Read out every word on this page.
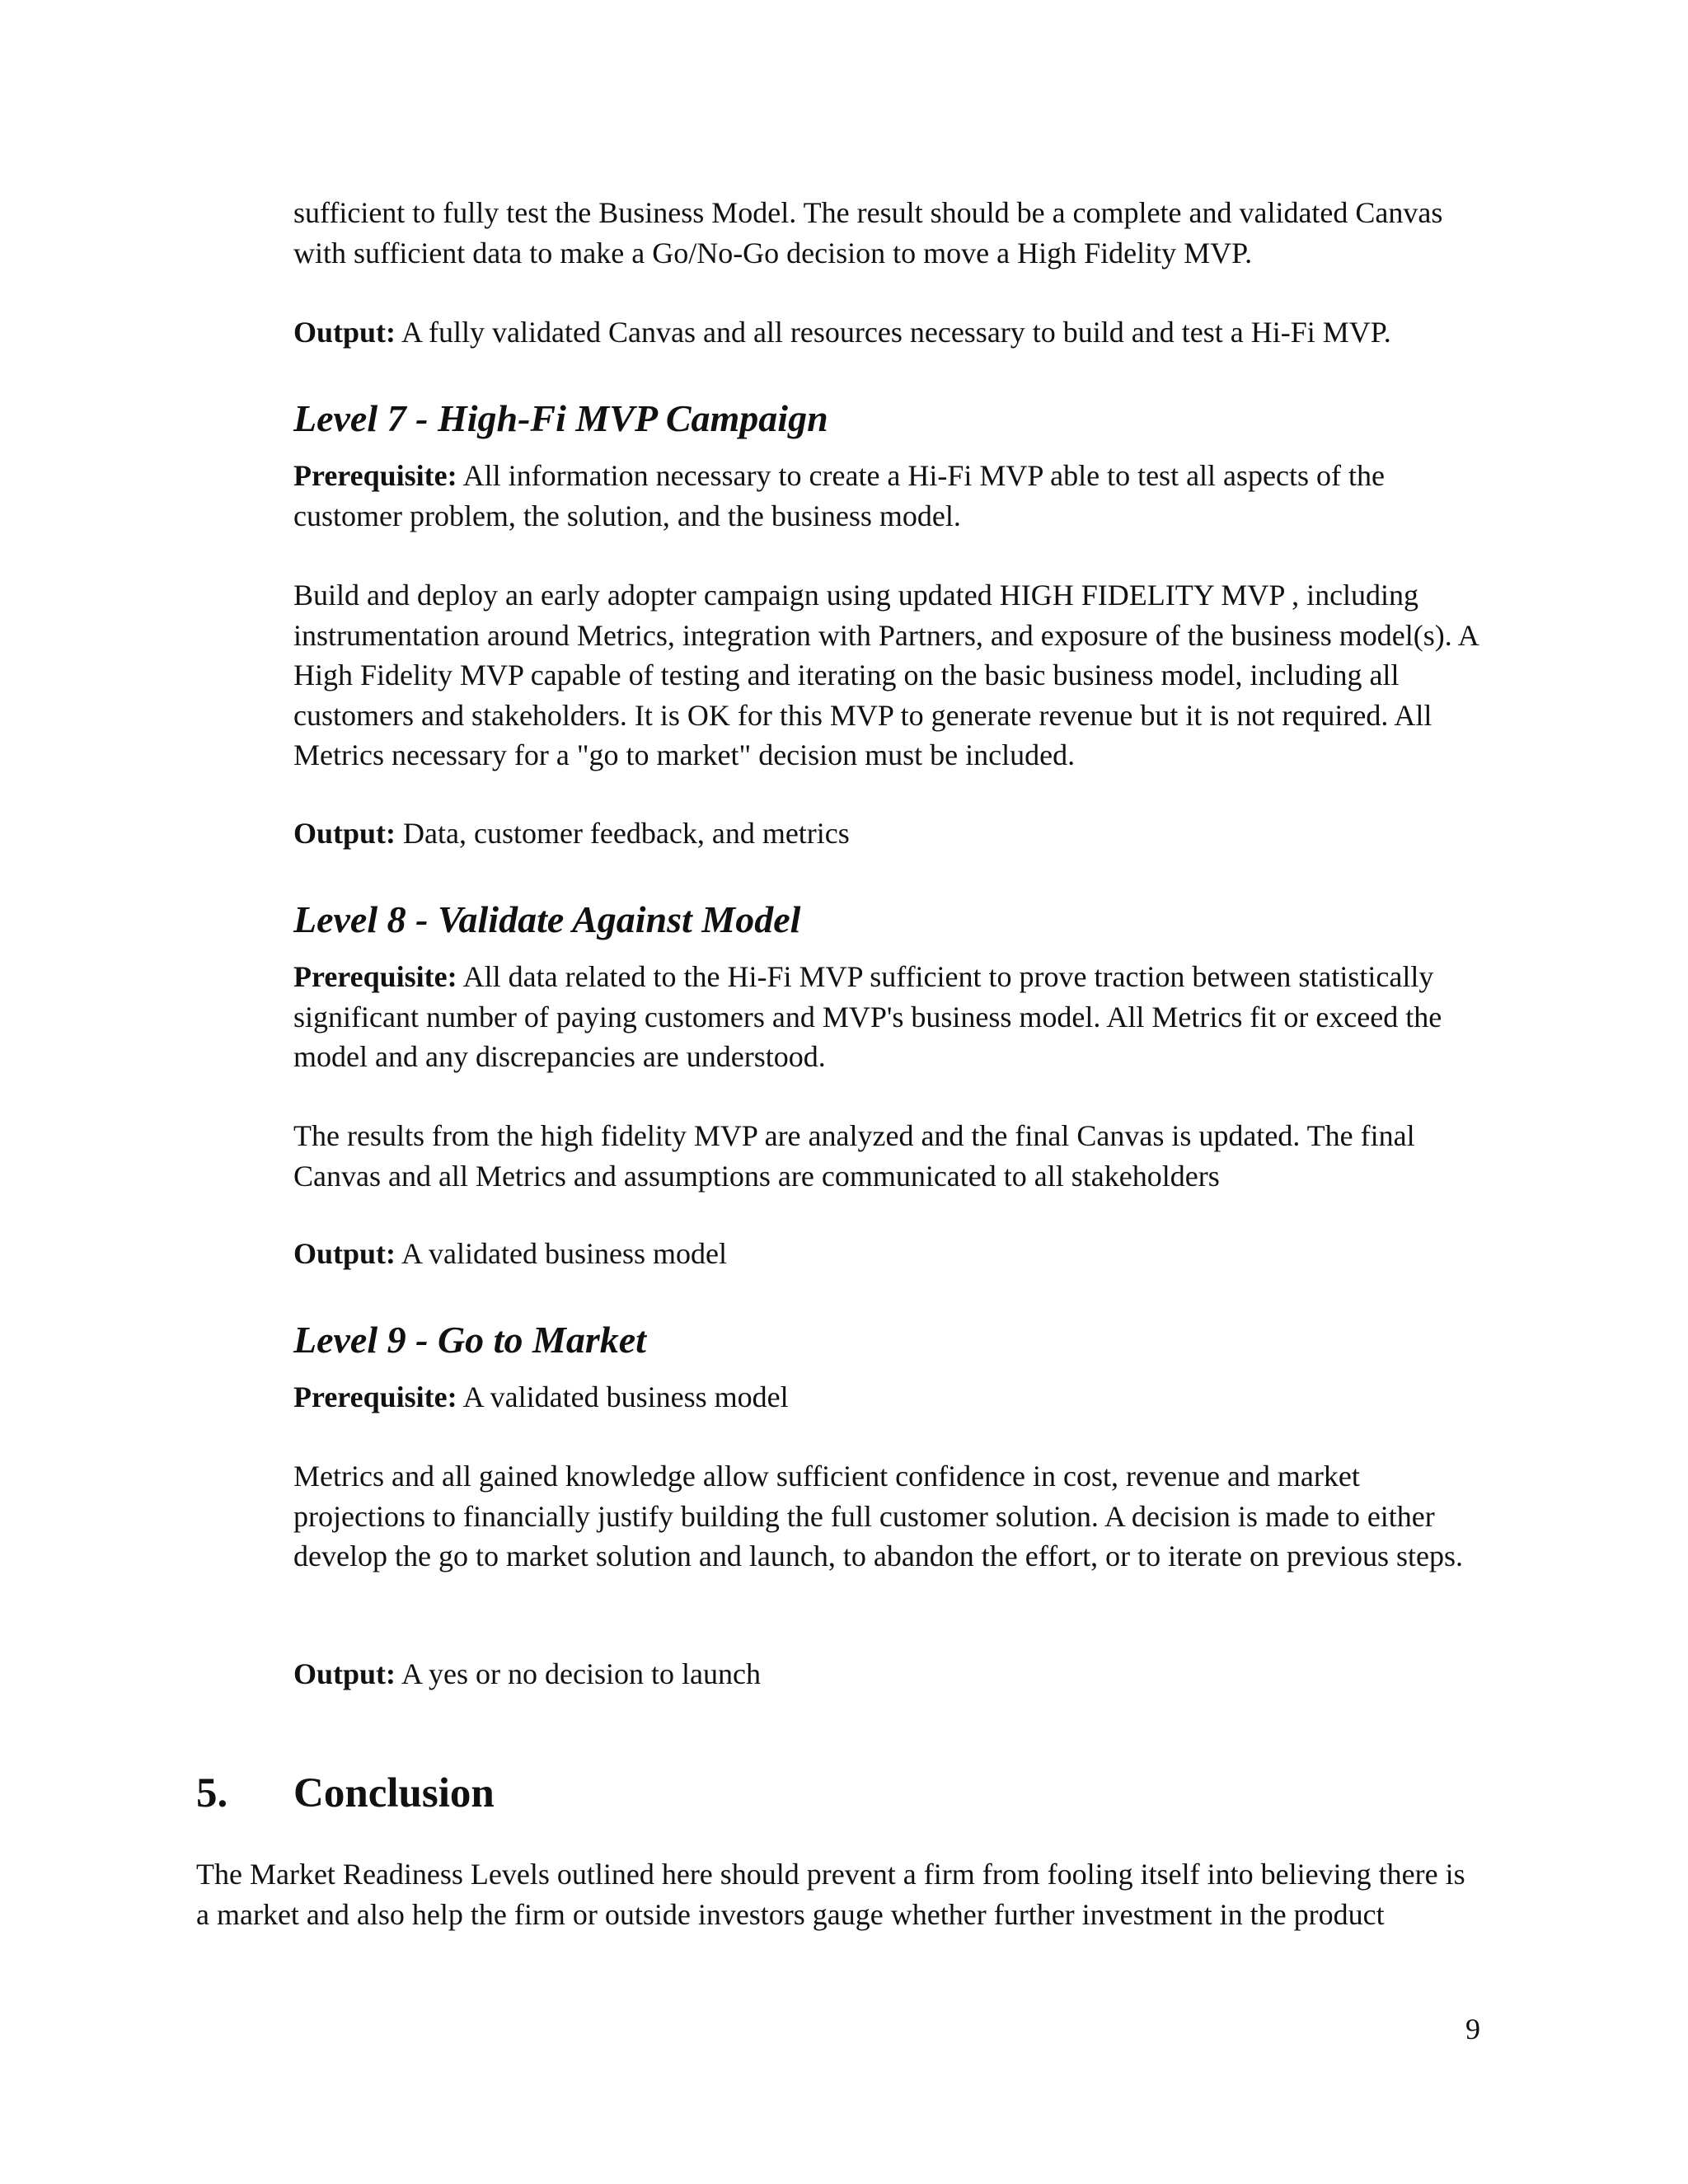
sufficient to fully test the Business Model. The result should be a complete and validated Canvas with sufficient data to make a Go/No-Go decision to move a High Fidelity MVP.

Output: A fully validated Canvas and all resources necessary to build and test a Hi-Fi MVP.

Level 7 - High-Fi MVP Campaign

Prerequisite: All information necessary to create a Hi-Fi MVP able to test all aspects of the customer problem, the solution, and the business model.

Build and deploy an early adopter campaign using updated HIGH FIDELITY MVP , including instrumentation around Metrics, integration with Partners, and exposure of the business model(s). A High Fidelity MVP capable of testing and iterating on the basic business model, including all customers and stakeholders. It is OK for this MVP to generate revenue but it is not required. All Metrics necessary for a "go to market" decision must be included.

Output: Data, customer feedback, and metrics

Level 8 - Validate Against Model

Prerequisite: All data related to the Hi-Fi MVP sufficient to prove traction between statistically significant number of paying customers and MVP's business model. All Metrics fit or exceed the model and any discrepancies are understood.

The results from the high fidelity MVP are analyzed and the final Canvas is updated. The final Canvas and all Metrics and assumptions are communicated to all stakeholders

Output: A validated business model

Level 9 - Go to Market

Prerequisite: A validated business model

Metrics and all gained knowledge allow sufficient confidence in cost, revenue and market projections to financially justify building the full customer solution. A decision is made to either develop the go to market solution and launch, to abandon the effort, or to iterate on previous steps.

Output: A yes or no decision to launch

5. Conclusion

The Market Readiness Levels outlined here should prevent a firm from fooling itself into believing there is a market and also help the firm or outside investors gauge whether further investment in the product

9
